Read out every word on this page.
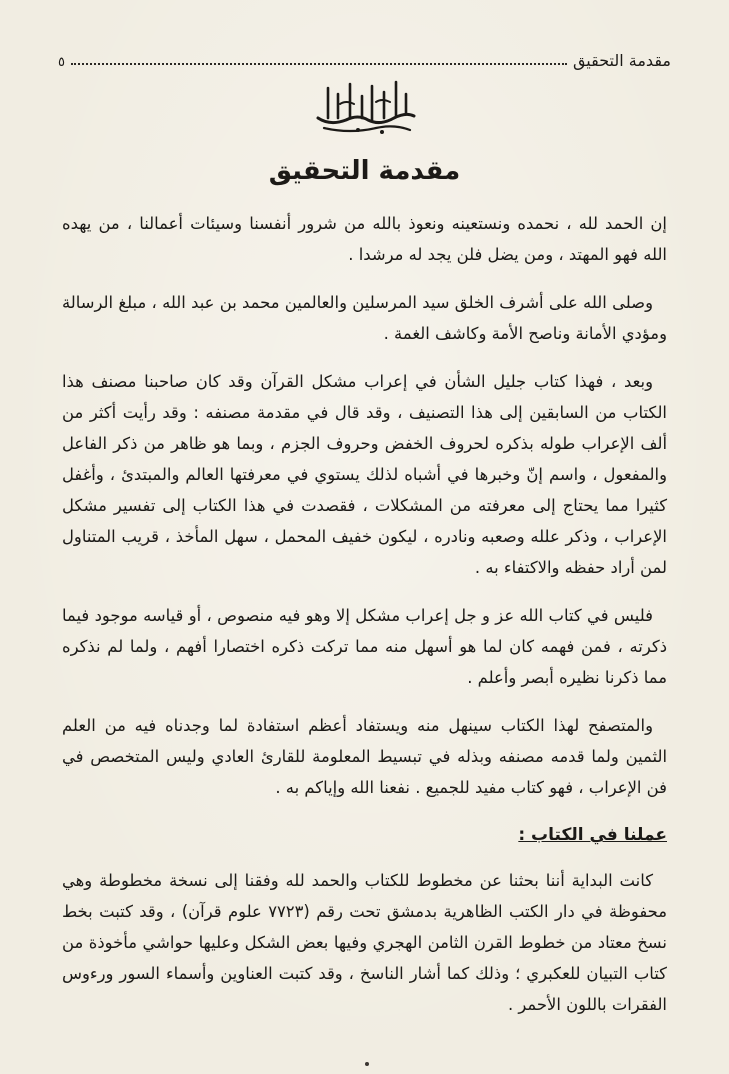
مقدمة التحقيق
٥
مقدمة التحقيق

إن الحمد لله ، نحمده ونستعينه ونعوذ بالله من شرور أنفسنا وسيئات أعمالنا ، من يهده الله فهو المهتد ، ومن يضل فلن يجد له مرشدا .

وصلى الله على أشرف الخلق سيد المرسلين والعالمين محمد بن عبد الله ، مبلغ الرسالة ومؤدي الأمانة وناصح الأمة وكاشف الغمة .

وبعد ، فهذا كتاب جليل الشأن في إعراب مشكل القرآن وقد كان صاحبنا مصنف هذا الكتاب من السابقين إلى هذا التصنيف ، وقد قال في مقدمة مصنفه : وقد رأيت أكثر من ألف الإعراب طوله بذكره لحروف الخفض وحروف الجزم ، وبما هو ظاهر من ذكر الفاعل والمفعول ، واسم إنّ وخبرها في أشباه لذلك يستوي في معرفتها العالم والمبتدئ ، وأغفل كثيرا مما يحتاج إلى معرفته من المشكلات ، فقصدت في هذا الكتاب إلى تفسير مشكل الإعراب ، وذكر علله وصعبه ونادره ، ليكون خفيف المحمل ، سهل المأخذ ، قريب المتناول لمن أراد حفظه والاكتفاء به .

فليس في كتاب الله عز و جل إعراب مشكل إلا وهو فيه منصوص ، أو قياسه موجود فيما ذكرته ، فمن فهمه كان لما هو أسهل منه مما تركت ذكره اختصارا أفهم ، ولما لم نذكره مما ذكرنا نظيره أبصر وأعلم .

والمتصفح لهذا الكتاب سينهل منه ويستفاد أعظم استفادة لما وجدناه فيه من العلم الثمين ولما قدمه مصنفه وبذله في تبسيط المعلومة للقارئ العادي وليس المتخصص في فن الإعراب ، فهو كتاب مفيد للجميع . نفعنا الله وإياكم به .

عملنا في الكتاب :

كانت البداية أننا بحثنا عن مخطوط للكتاب والحمد لله وفقنا إلى نسخة مخطوطة وهي محفوظة في دار الكتب الظاهرية بدمشق تحت رقم (٧٧٢٣ علوم قرآن) ، وقد كتبت بخط نسخ معتاد من خطوط القرن الثامن الهجري وفيها بعض الشكل وعليها حواشي مأخوذة من كتاب التبيان للعكبري ؛ وذلك كما أشار الناسخ ، وقد كتبت العناوين وأسماء السور ورءوس الفقرات باللون الأحمر .
